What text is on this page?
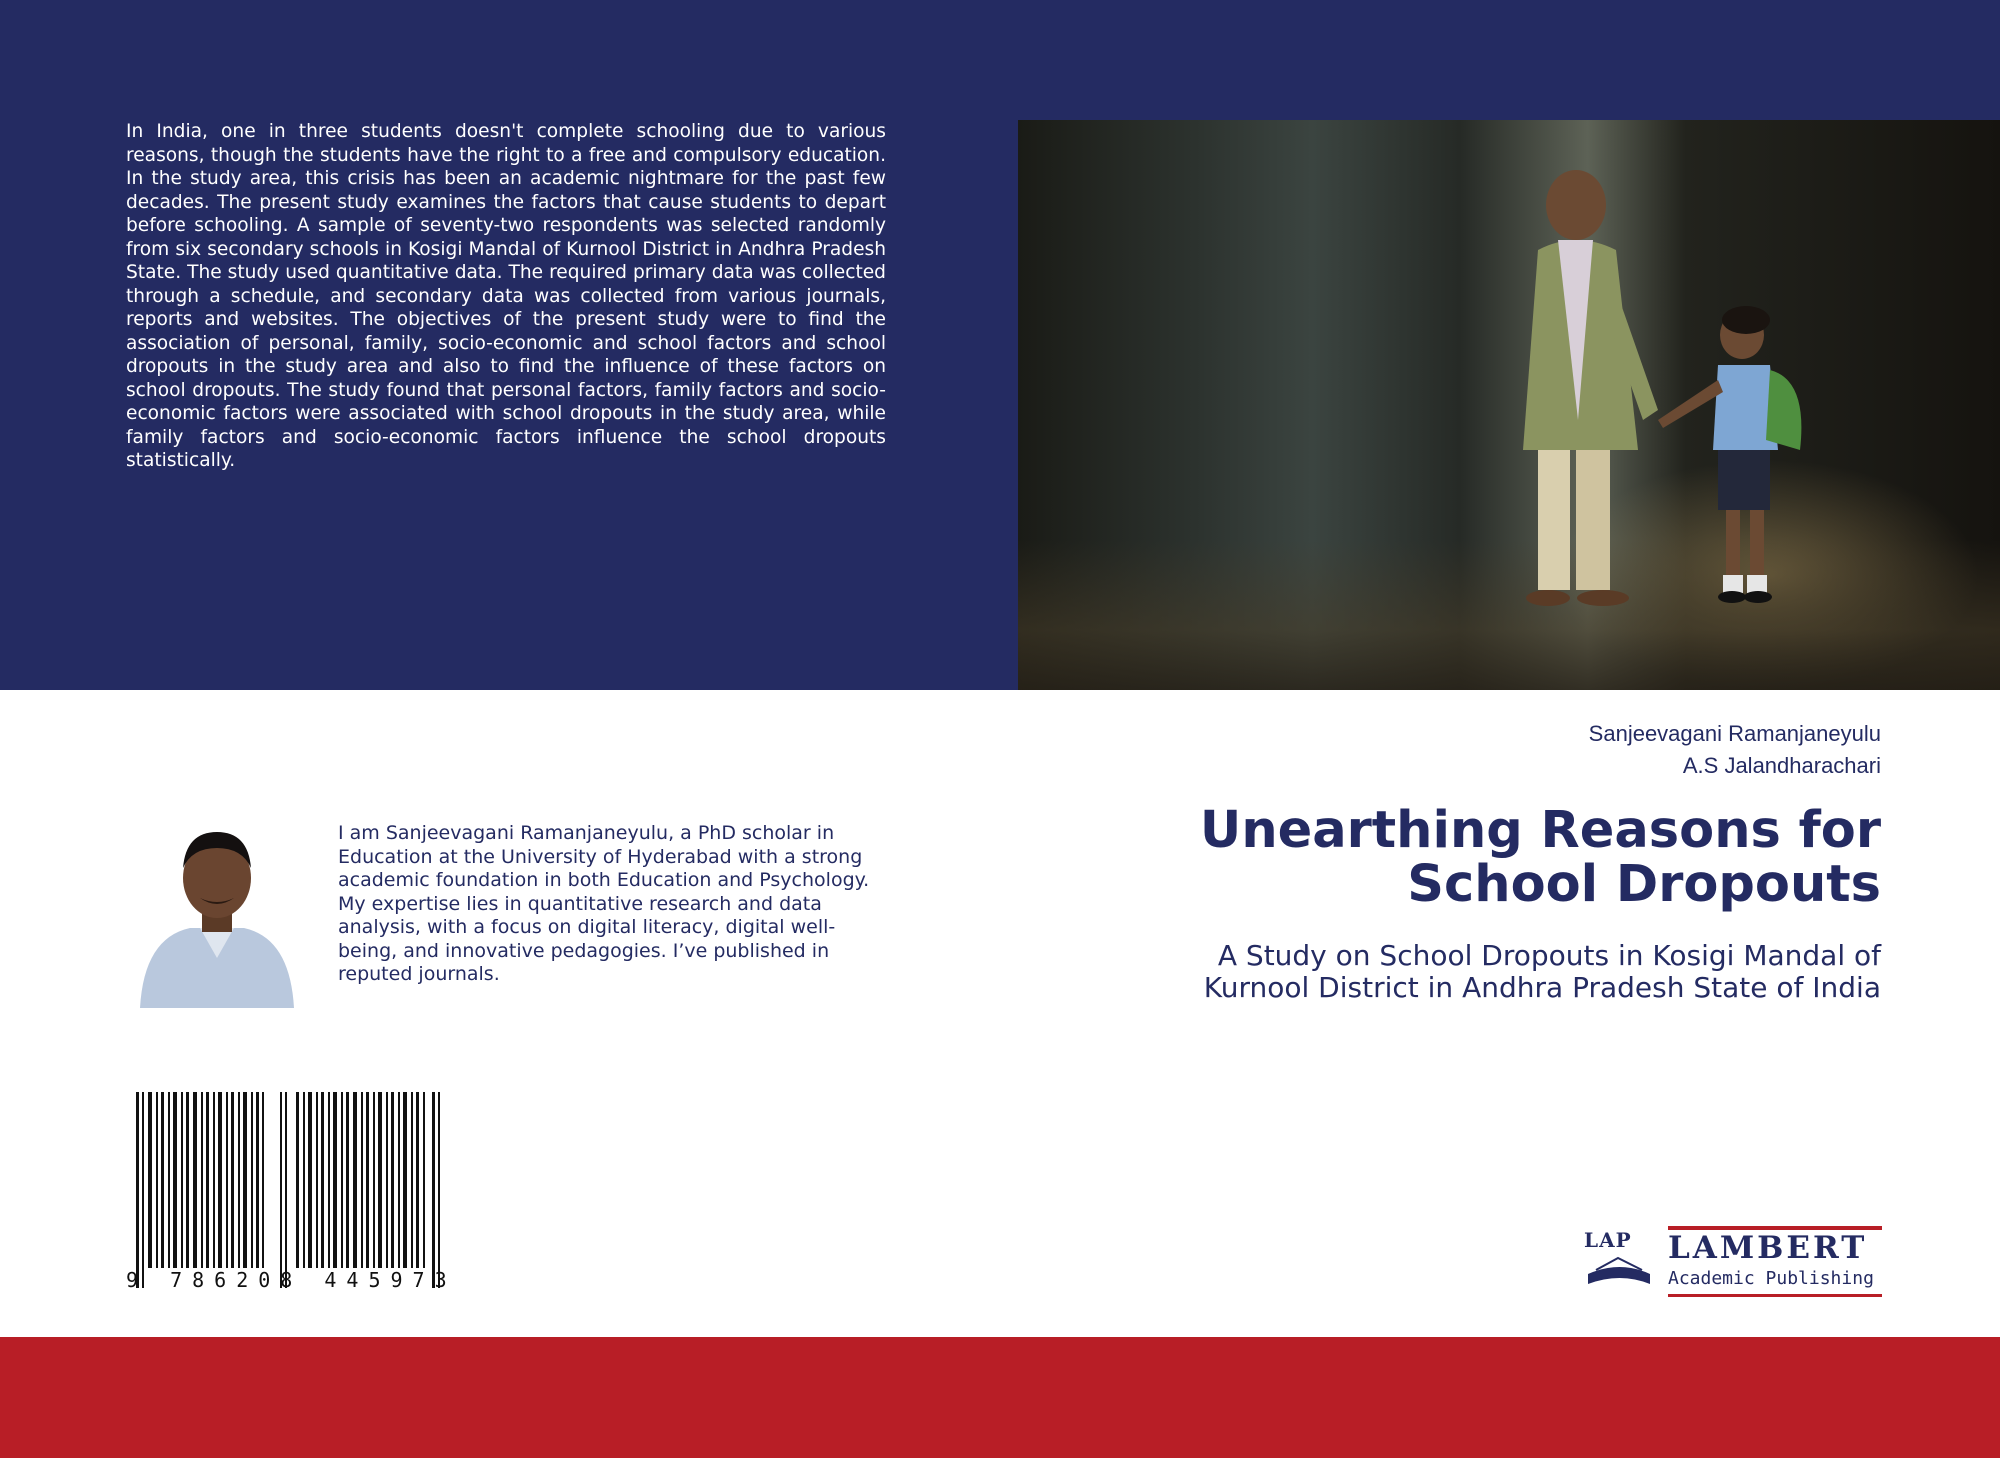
In India, one in three students doesn't complete schooling due to various reasons, though the students have the right to a free and compulsory education. In the study area, this crisis has been an academic nightmare for the past few decades. The present study examines the factors that cause students to depart before schooling. A sample of seventy-two respondents was selected randomly from six secondary schools in Kosigi Mandal of Kurnool District in Andhra Pradesh State. The study used quantitative data. The required primary data was collected through a schedule, and secondary data was collected from various journals, reports and websites. The objectives of the present study were to find the association of personal, family, socio-economic and school factors and school dropouts in the study area and also to find the influence of these factors on school dropouts. The study found that personal factors, family factors and socio-economic factors were associated with school dropouts in the study area, while family factors and socio-economic factors influence the school dropouts statistically.

Sanjeevagani Ramanjaneyulu
A.S Jalandharachari
Unearthing Reasons for
School Dropouts
A Study on School Dropouts in Kosigi Mandal of
Kurnool District in Andhra Pradesh State of India

I am Sanjeevagani Ramanjaneyulu, a PhD scholar in Education at the University of Hyderabad with a strong academic foundation in both Education and Psychology. My expertise lies in quantitative research and data analysis, with a focus on digital literacy, digital well-being, and innovative pedagogies. I’ve published in reputed journals.

9 786208 445973
LAP LAMBERT
Academic Publishing
